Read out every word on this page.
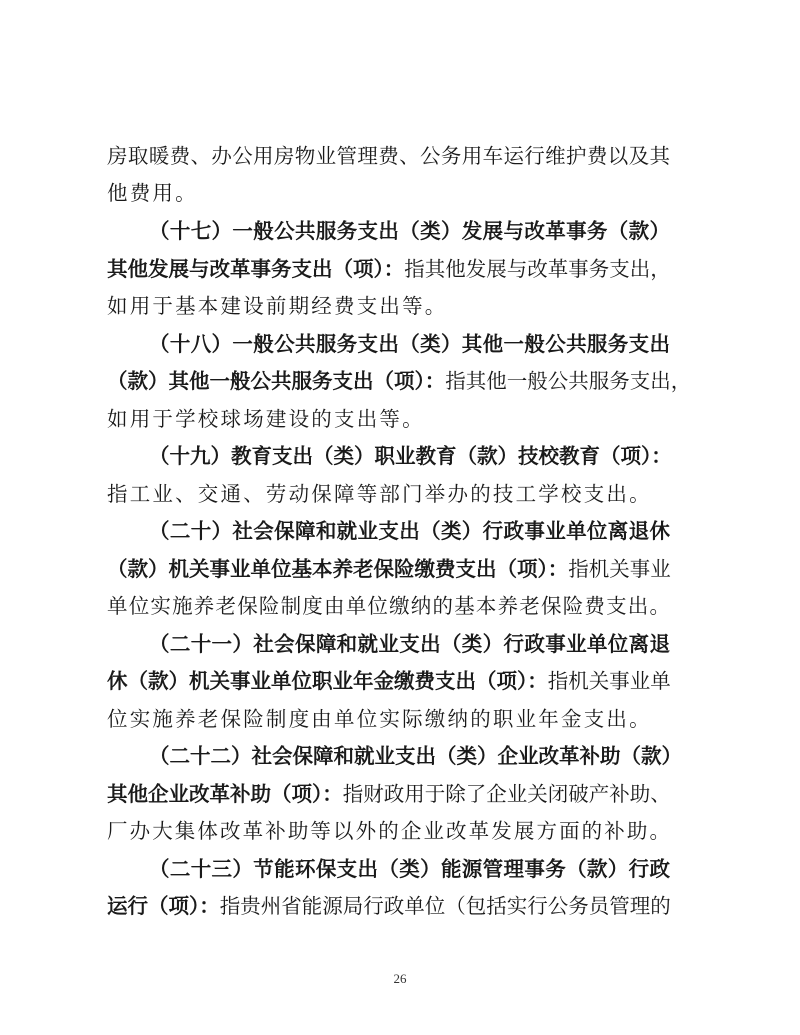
房取暖费、办公用房物业管理费、公务用车运行维护费以及其
他费用。
（十七）一般公共服务支出（类）发展与改革事务（款）
其他发展与改革事务支出（项）：指其他发展与改革事务支出，
如用于基本建设前期经费支出等。
（十八）一般公共服务支出（类）其他一般公共服务支出
（款）其他一般公共服务支出（项）：指其他一般公共服务支出，
如用于学校球场建设的支出等。
（十九）教育支出（类）职业教育（款）技校教育（项）：
指工业、交通、劳动保障等部门举办的技工学校支出。
（二十）社会保障和就业支出（类）行政事业单位离退休
（款）机关事业单位基本养老保险缴费支出（项）：指机关事业
单位实施养老保险制度由单位缴纳的基本养老保险费支出。
（二十一）社会保障和就业支出（类）行政事业单位离退
休（款）机关事业单位职业年金缴费支出（项）：指机关事业单
位实施养老保险制度由单位实际缴纳的职业年金支出。
（二十二）社会保障和就业支出（类）企业改革补助（款）
其他企业改革补助（项）：指财政用于除了企业关闭破产补助、
厂办大集体改革补助等以外的企业改革发展方面的补助。
（二十三）节能环保支出（类）能源管理事务（款）行政
运行（项）：指贵州省能源局行政单位（包括实行公务员管理的
26
